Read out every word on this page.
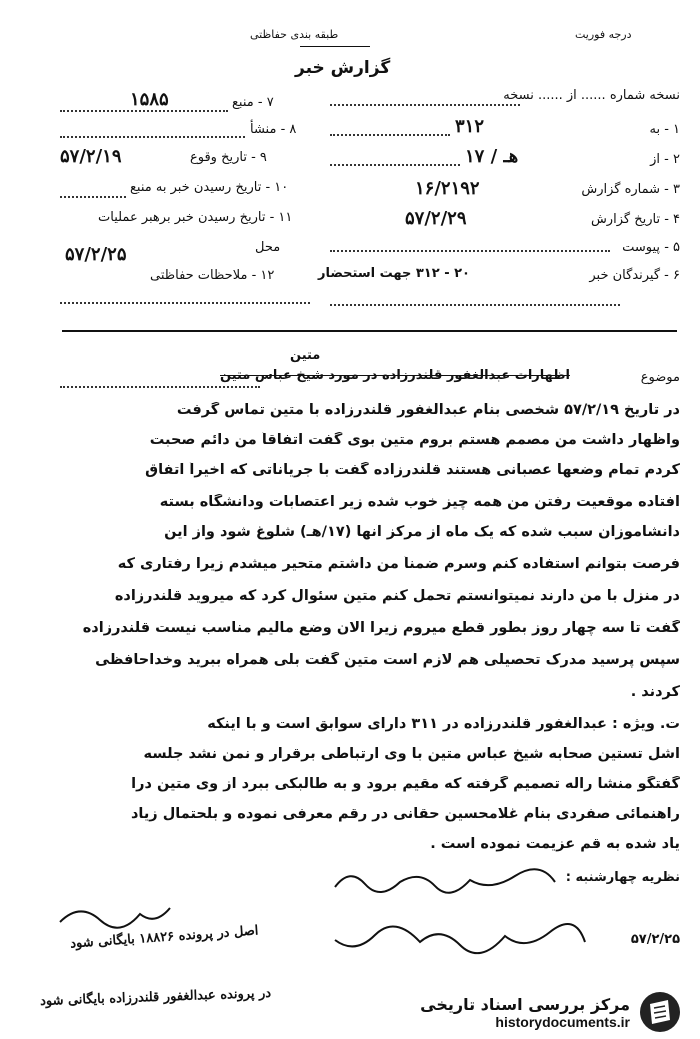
طبقه بندی حفاظتی	درجه فوریت
گزارش خبر
نسخه شماره ...... از ...... نسخه
۱ - به
۳۱۲
۲ - از
۱۷ / هـ
۳ - شماره گزارش
۱۶/۲۱۹۲
۴ - تاریخ گزارش
۵۷/۲/۲۹
۵ - پیوست
۶ - گیرندگان خبر
۲۰ - ۳۱۲ جهت استحضار
۷ - منبع
۱۵۸۵
۸ - منشأ
۹ - تاریخ وقوع
۵۷/۲/۱۹
۱۰ - تاریخ رسیدن خبر به منبع
۱۱ - تاریخ رسیدن خبر برهبر عملیات
محل
۵۷/۲/۲۵
۱۲ - ملاحظات حفاظتی
موضوع
اظهارات عبدالغفور قلندرزاده در مورد شیخ عباس متین
متین
در تاریخ ۵۷/۲/۱۹ شخصی بنام عبدالغفور قلندرزاده با متین تماس گرفت
واظهار داشت من مصمم هستم بروم متین بوی گفت اتفاقاً من دائم صحبت
کردم تمام وضعها عصبانی هستند قلندرزاده گفت با جریاناتی که اخیراً اتفاق
افتاده موقعیت رفتن من همه چیز خوب شده زیر اعتصابات ودانشگاه بسته
دانشآموزان سبب شده که یک ماه از مرکز آنها (۱۷/هـ) شلوغ شود واز این
فرصت بتوانم استفاده کنم وسرم ضمناً من داشتم متحیر میشدم زیرا رفتاری که
در منزل با من دارند نمیتوانستم تحمل کنم متین سئوال کرد که میروید قلندرزاده
گفت تا سه چهار روز بطور قطع میروم زیرا الان وضع مالیم مناسب نیست قلندرزاده
سپس پرسید مدرک تحصیلی هم لازم است متین گفت بلی همراه ببرید وخداحافظی
کردند .
ت. ویژه : عبدالغفور قلندرزاده در ۳۱۱ دارای سوابق است و با اینکه
اشل تستین صحابه شیخ عباس متین با وی ارتباطی برقرار و نمن نشد جلسه
گفتگو منشا راله تصمیم گرفته که مقیم برود و به طالبکی ببرد از وی متین درا
راهنمائی صفردی بنام غلامحسین حقانی در رقم معرفی نموده و بلحتمال زیاد
یاد شده به قم عزیمت نموده است .
نظریه چهارشنبه :
۵۷/۲/۲۵
اصل در پرونده ۱۸۸۲۶ بایگانی شود
در پرونده عبدالغفور قلندرزاده بایگانی شود	مرکز بررسی اسناد تاریخی
historydocuments.ir
